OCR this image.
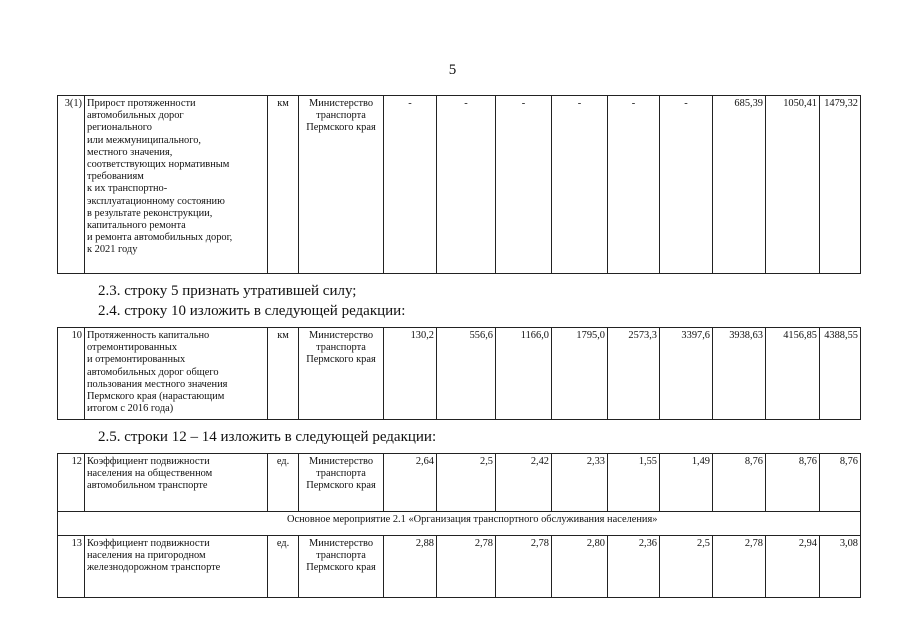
5
3(1)	Прирост протяженности
автомобильных дорог
регионального
или межмуниципального,
местного значения,
соответствующих нормативным
требованиям
к их транспортно-
эксплуатационному состоянию
в результате реконструкции,
капитального ремонта
и ремонта автомобильных дорог,
к 2021 году
	км	Министерство транспорта Пермского края	-	-	-	-	-	-	685,39	1050,41	1479,32
2.3. строку 5 признать утратившей силу;
2.4. строку 10 изложить в следующей редакции:
10	Протяженность капитально
отремонтированных
и отремонтированных
автомобильных дорог общего
пользования местного значения
Пермского края (нарастающим
итогом с 2016 года)
	км	Министерство транспорта Пермского края	130,2	556,6	1166,0	1795,0	2573,3	3397,6	3938,63	4156,85	4388,55
2.5. строки 12 – 14 изложить в следующей редакции:
12	Коэффициент подвижности
населения на общественном
автомобильном транспорте	ед.	Министерство транспорта Пермского края	2,64	2,5	2,42	2,33	1,55	1,49	8,76	8,76	8,76
	Основное мероприятие 2.1 «Организация транспортного обслуживания населения»											
13	Коэффициент подвижности
населения на пригородном
железнодорожном транспорте	ед.	Министерство транспорта Пермского края	2,88	2,78	2,78	2,80	2,36	2,5	2,78	2,94	3,08
